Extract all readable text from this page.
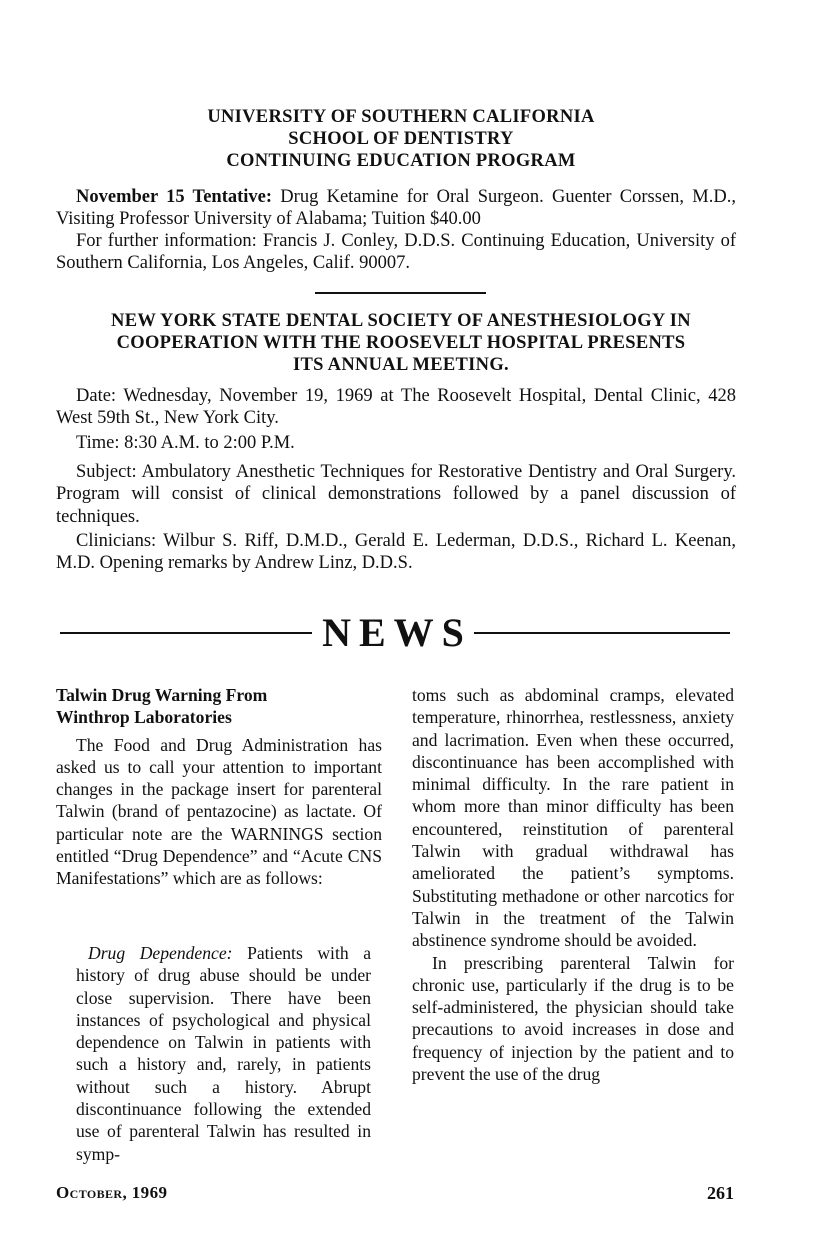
UNIVERSITY OF SOUTHERN CALIFORNIA
SCHOOL OF DENTISTRY
CONTINUING EDUCATION PROGRAM
November 15 Tentative: Drug Ketamine for Oral Surgeon. Guenter Corssen, M.D., Visiting Professor University of Alabama; Tuition $40.00
For further information: Francis J. Conley, D.D.S. Continuing Education, University of Southern California, Los Angeles, Calif. 90007.
NEW YORK STATE DENTAL SOCIETY OF ANESTHESIOLOGY IN
COOPERATION WITH THE ROOSEVELT HOSPITAL PRESENTS
ITS ANNUAL MEETING.
Date: Wednesday, November 19, 1969 at The Roosevelt Hospital, Dental Clinic, 428 West 59th St., New York City.
Time: 8:30 A.M. to 2:00 P.M.
Subject: Ambulatory Anesthetic Techniques for Restorative Dentistry and Oral Surgery. Program will consist of clinical demonstrations followed by a panel discussion of techniques.
Clinicians: Wilbur S. Riff, D.M.D., Gerald E. Lederman, D.D.S., Richard L. Keenan, M.D. Opening remarks by Andrew Linz, D.D.S.
NEWS

Talwin Drug Warning From

Winthrop Laboratories

The Food and Drug Administration has asked us to call your attention to important changes in the package insert for parenteral Talwin (brand of pentazocine) as lactate. Of particular note are the WARNINGS section entitled “Drug Dependence” and “Acute CNS Manifestations” which are as follows:

Drug Dependence: Patients with a history of drug abuse should be under close supervision. There have been instances of psychological and physical dependence on Talwin in patients with such a history and, rarely, in patients without such a history. Abrupt discontinuance following the extended use of parenteral Talwin has resulted in symp-

toms such as abdominal cramps, elevated temperature, rhinorrhea, restlessness, anxiety and lacrimation. Even when these occurred, discontinuance has been accomplished with minimal difficulty. In the rare patient in whom more than minor difficulty has been encountered, reinstitution of parenteral Talwin with gradual withdrawal has ameliorated the patient’s symptoms. Substituting methadone or other narcotics for Talwin in the treatment of the Talwin abstinence syndrome should be avoided.

In prescribing parenteral Talwin for chronic use, particularly if the drug is to be self-administered, the physician should take precautions to avoid increases in dose and frequency of injection by the patient and to prevent the use of the drug

October, 1969	261
